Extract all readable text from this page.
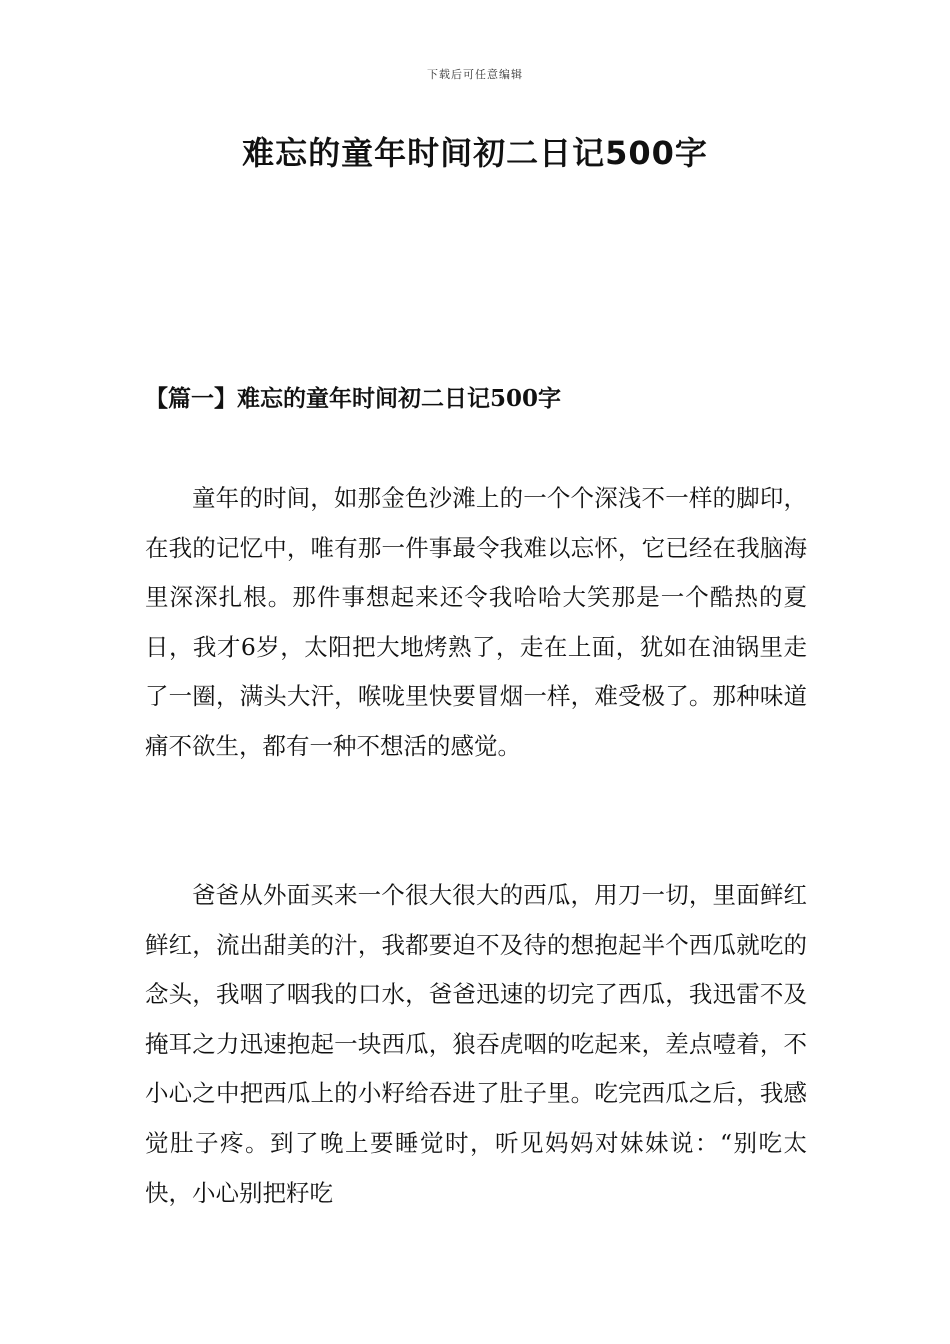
下载后可任意编辑
难忘的童年时间初二日记500字
【篇一】难忘的童年时间初二日记500字

童年的时间，如那金色沙滩上的一个个深浅不一样的脚印，在我的记忆中，唯有那一件事最令我难以忘怀，它已经在我脑海里深深扎根。那件事想起来还令我哈哈大笑那是一个酷热的夏日，我才6岁，太阳把大地烤熟了，走在上面，犹如在油锅里走了一圈，满头大汗，喉咙里快要冒烟一样，难受极了。那种味道痛不欲生，都有一种不想活的感觉。

爸爸从外面买来一个很大很大的西瓜，用刀一切，里面鲜红鲜红，流出甜美的汁，我都要迫不及待的想抱起半个西瓜就吃的念头，我咽了咽我的口水，爸爸迅速的切完了西瓜，我迅雷不及掩耳之力迅速抱起一块西瓜，狼吞虎咽的吃起来，差点噎着，不小心之中把西瓜上的小籽给吞进了肚子里。吃完西瓜之后，我感觉肚子疼。到了晚上要睡觉时，听见妈妈对妹妹说：“别吃太快，小心别把籽吃
